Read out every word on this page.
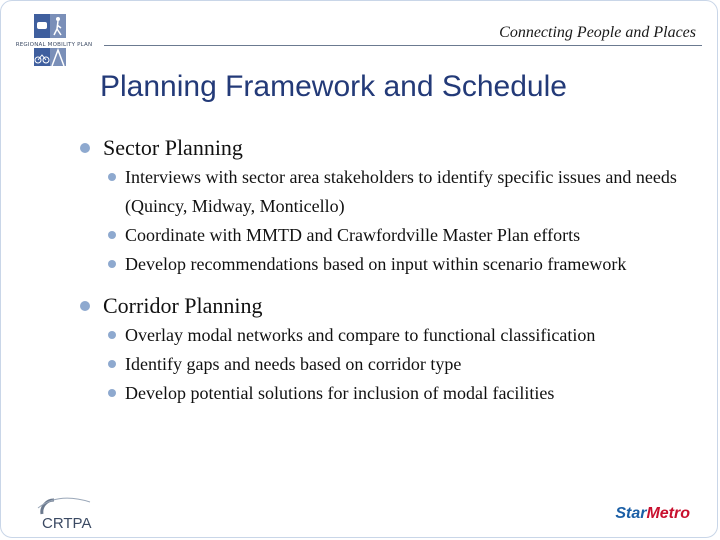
REGIONAL MOBILITY PLAN
Connecting People and Places
Planning Framework and Schedule
Sector Planning
Interviews with sector area stakeholders to identify specific issues and needs (Quincy, Midway, Monticello)
Coordinate with MMTD and Crawfordville Master Plan efforts
Develop recommendations based on input within scenario framework
Corridor Planning
Overlay modal networks and compare to functional classification
Identify gaps and needs based on corridor type
Develop potential solutions for inclusion of modal facilities
CRTPA
StarMetro
